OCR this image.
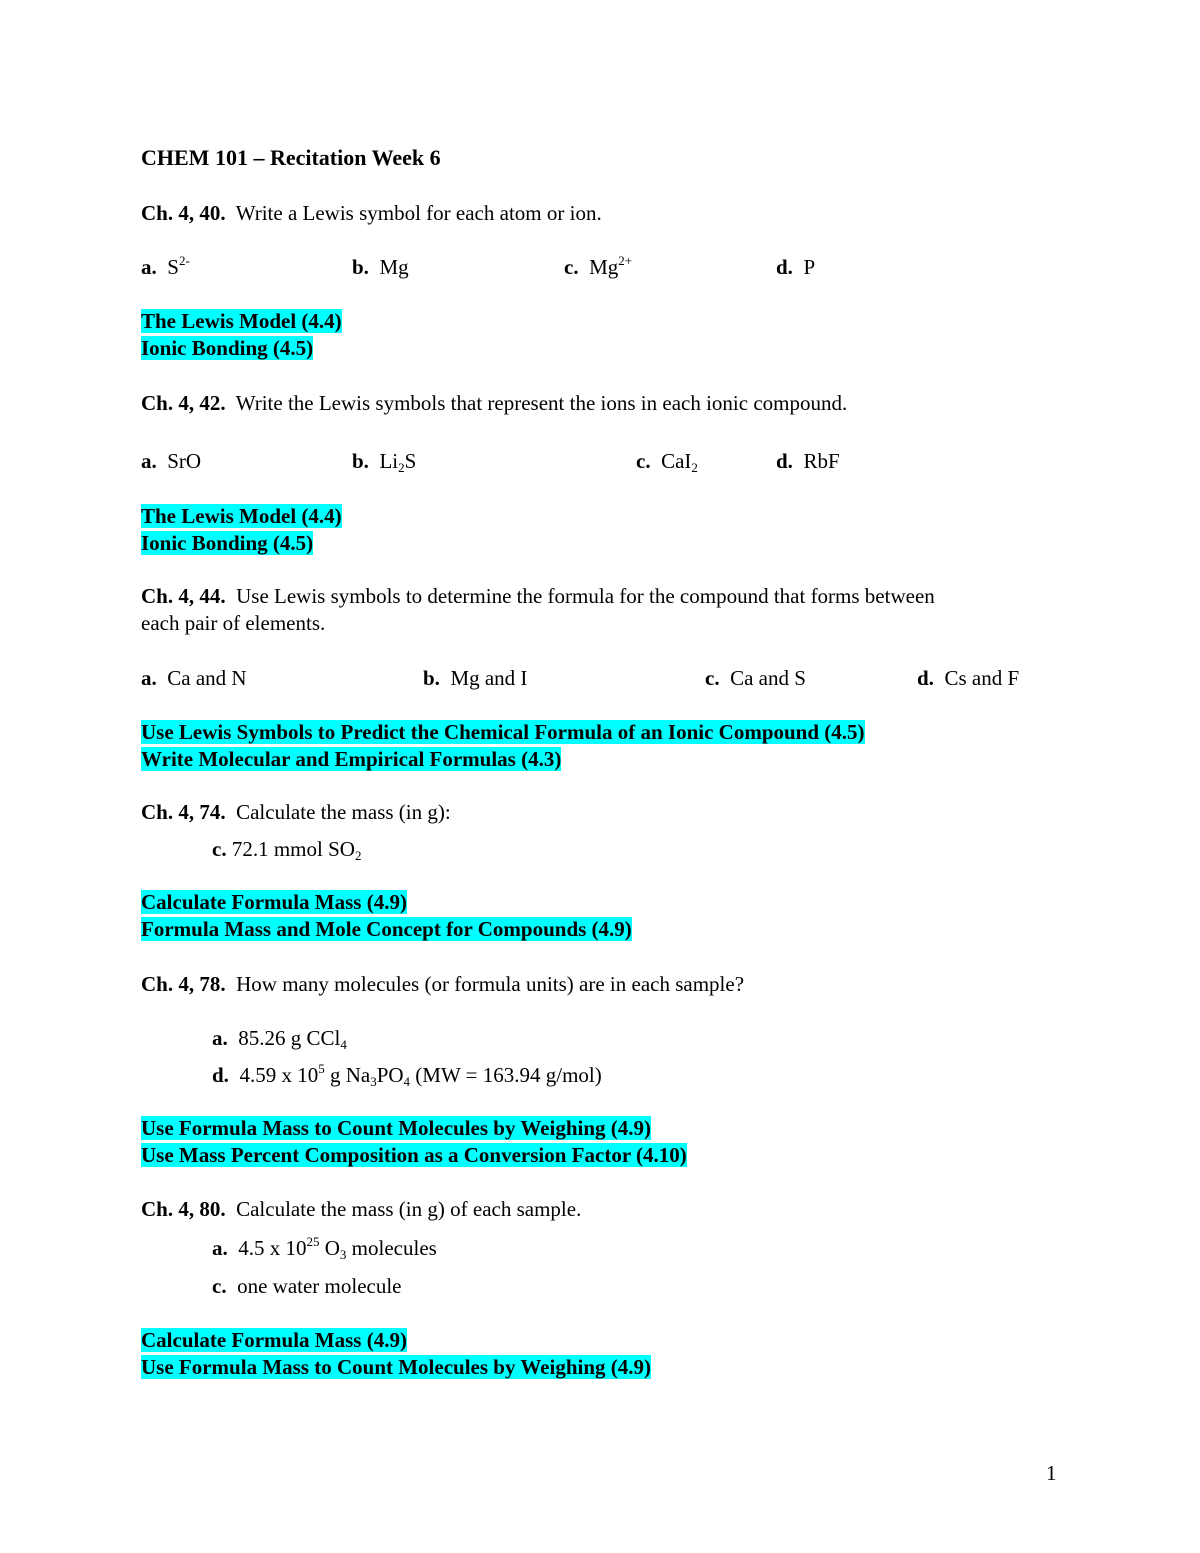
CHEM 101 – Recitation Week 6
Ch. 4, 40. Write a Lewis symbol for each atom or ion.
a. $S^{2-}$	b. Mg	c. $Mg^{2+}$	d. P
The Lewis Model (4.4)
Ionic Bonding (4.5)
Ch. 4, 42. Write the Lewis symbols that represent the ions in each ionic compound.
a. SrO	b. $Li_2S$	c. CaI$_2$	d. RbF
The Lewis Model (4.4)
Ionic Bonding (4.5)
Ch. 4, 44. Use Lewis symbols to determine the formula for the compound that forms between
each pair of elements.
a. Ca and N	b. Mg and I	c. Ca and S	d. Cs and F
Use Lewis Symbols to Predict the Chemical Formula of an Ionic Compound (4.5)
Write Molecular and Empirical Formulas (4.3)
Ch. 4, 74. Calculate the mass (in g):
c. 72.1 mmol $SO_2$
Calculate Formula Mass (4.9)
Formula Mass and Mole Concept for Compounds (4.9)
Ch. 4, 78. How many molecules (or formula units) are in each sample?
a. 85.26 g CCl$_4$
d. 4.59 x $10^5$ g $Na_3PO_4$ (MW = 163.94 g/mol)
Use Formula Mass to Count Molecules by Weighing (4.9)
Use Mass Percent Composition as a Conversion Factor (4.10)
Ch. 4, 80. Calculate the mass (in g) of each sample.
a. 4.5 x $10^{25}$ $O_3$ molecules
c. one water molecule
Calculate Formula Mass (4.9)
Use Formula Mass to Count Molecules by Weighing (4.9)
1
